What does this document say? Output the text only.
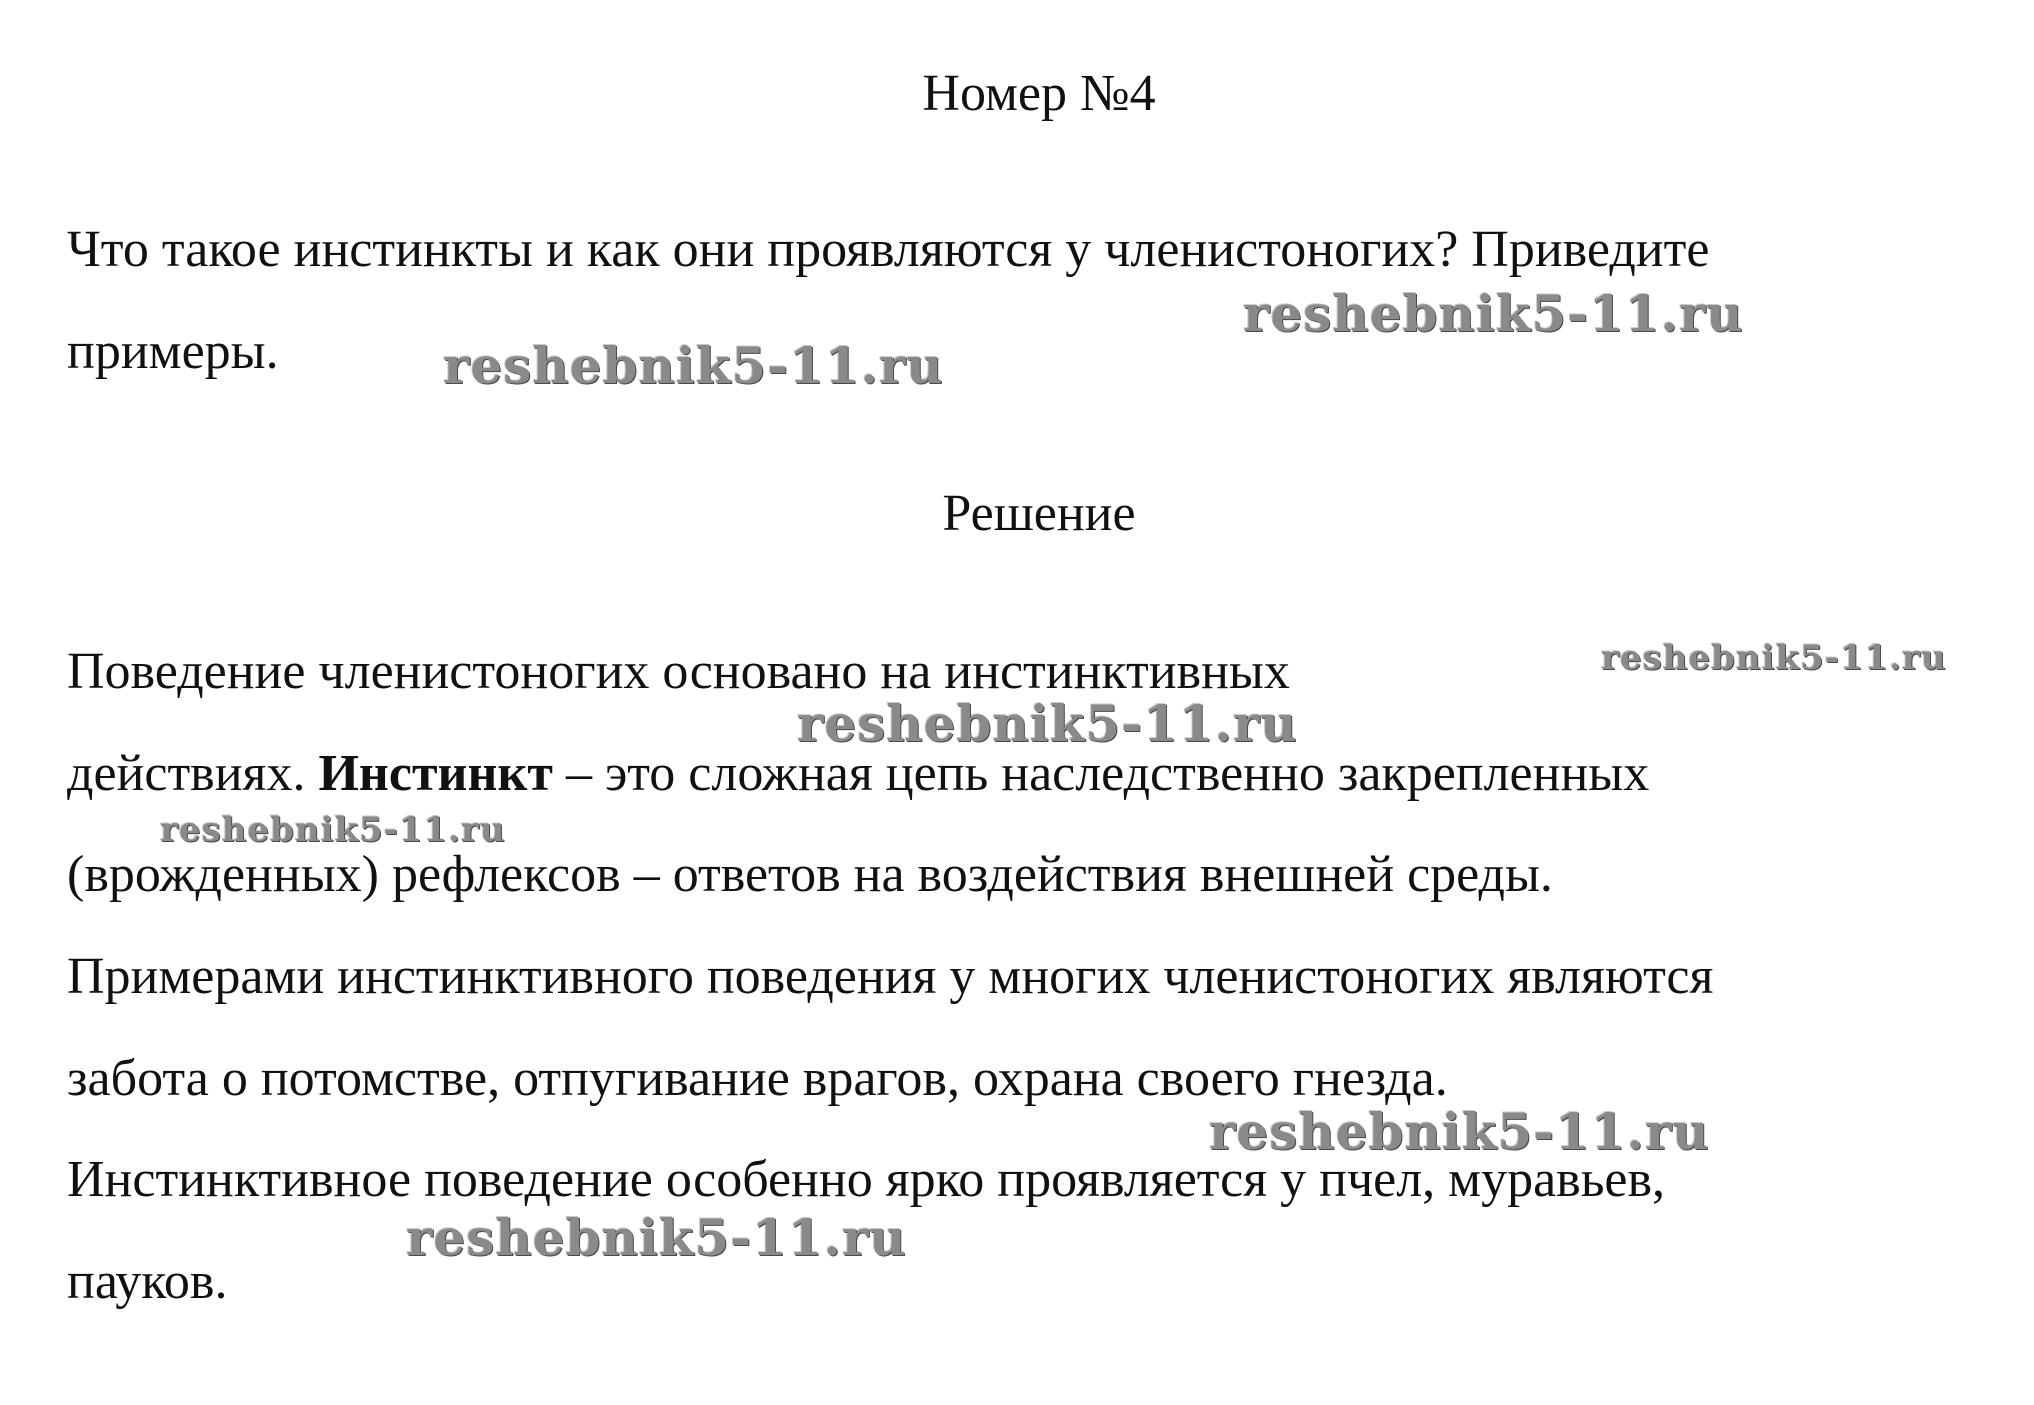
Номер №4
Что такое инстинкты и как они проявляются у членистоногих? Приведите
примеры.
Решение
Поведение членистоногих основано на инстинктивных
действиях. Инстинкт – это сложная цепь наследственно закрепленных
(врожденных) рефлексов – ответов на воздействия внешней среды.
Примерами инстинктивного поведения у многих членистоногих являются
забота о потомстве, отпугивание врагов, охрана своего гнезда.
Инстинктивное поведение особенно ярко проявляется у пчел, муравьев,
пауков.
reshebnik5-11.ru
reshebnik5-11.ru
reshebnik5-11.ru
reshebnik5-11.ru
reshebnik5-11.ru
reshebnik5-11.ru
reshebnik5-11.ru
